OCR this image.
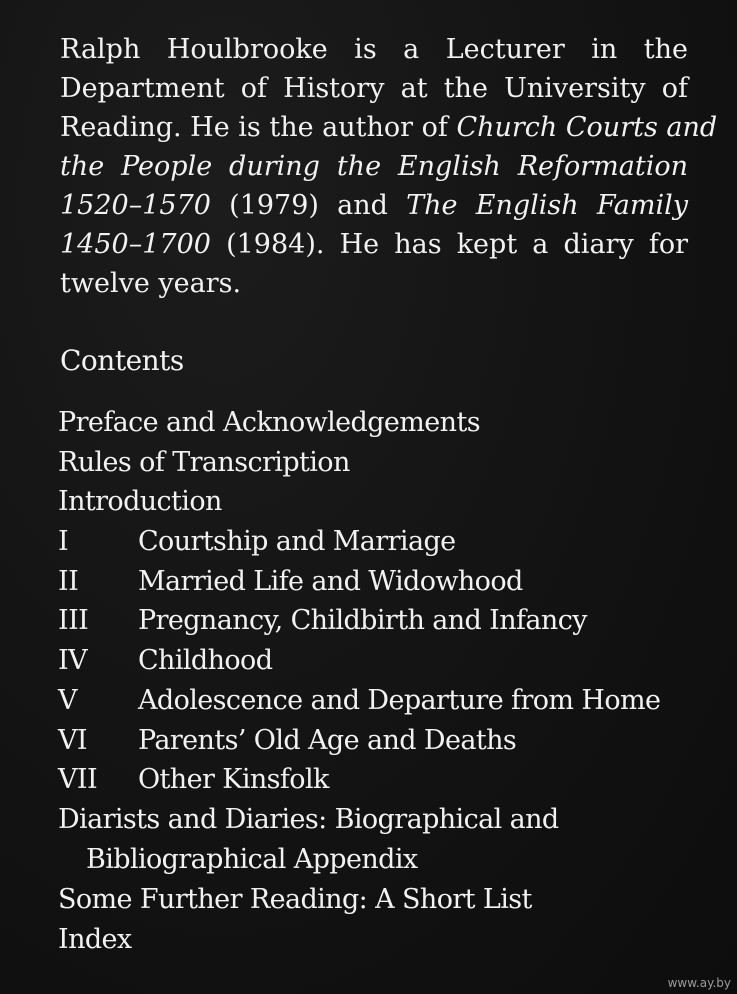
Ralph Houlbrooke is a Lecturer in the
Department of History at the University of
Reading. He is the author of Church Courts and
the People during the English Reformation
1520–1570 (1979) and The English Family
1450–1700 (1984). He has kept a diary for
twelve years.
Contents
Preface and Acknowledgements
Rules of Transcription
Introduction
I	Courtship and Marriage
II Married Life and Widowhood
III Pregnancy, Childbirth and Infancy
IV Childhood
V Adolescence and Departure from Home
VI Parents’ Old Age and Deaths
VII Other Kinsfolk
Diarists and Diaries: Biographical and
Bibliographical Appendix
Some Further Reading: A Short List
Index
www.ay.by
